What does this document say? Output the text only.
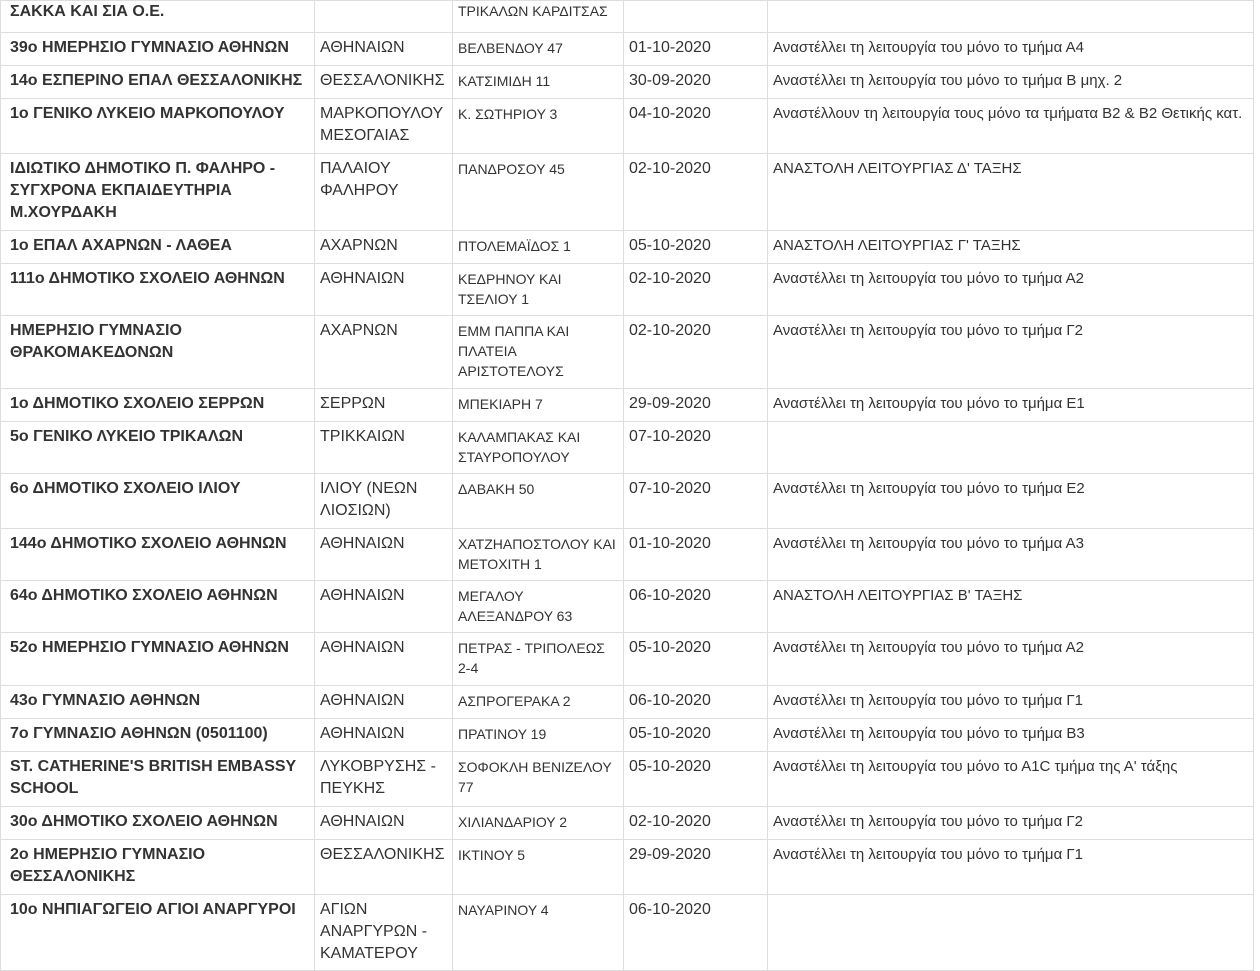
ΣΑΚΚΑ ΚΑΙ ΣΙΑ Ο.Ε.		ΤΡΙΚΑΛΩΝ ΚΑΡΔΙΤΣΑΣ		
39ο ΗΜΕΡΗΣΙΟ ΓΥΜΝΑΣΙΟ ΑΘΗΝΩΝ	ΑΘΗΝΑΙΩΝ	ΒΕΛΒΕΝΔΟΥ 47	01-10-2020	Αναστέλλει τη λειτουργία του μόνο το τμήμα Α4
14ο ΕΣΠΕΡΙΝΟ ΕΠΑΛ ΘΕΣΣΑΛΟΝΙΚΗΣ	ΘΕΣΣΑΛΟΝΙΚΗΣ	ΚΑΤΣΙΜΙΔΗ 11	30-09-2020	Αναστέλλει τη λειτουργία του μόνο το τμήμα Β μηχ. 2
1ο ΓΕΝΙΚΟ ΛΥΚΕΙΟ ΜΑΡΚΟΠΟΥΛΟΥ	ΜΑΡΚΟΠΟΥΛΟΥ ΜΕΣΟΓΑΙΑΣ	Κ. ΣΩΤΗΡΙΟΥ 3	04-10-2020	Αναστέλλουν τη λειτουργία τους μόνο τα τμήματα Β2 & Β2 Θετικής κατ.
ΙΔΙΩΤΙΚΟ ΔΗΜΟΤΙΚΟ Π. ΦΑΛΗΡΟ - ΣΥΓΧΡΟΝΑ ΕΚΠΑΙΔΕΥΤΗΡΙΑ Μ.ΧΟΥΡΔΑΚΗ	ΠΑΛΑΙΟΥ ΦΑΛΗΡΟΥ	ΠΑΝΔΡΟΣΟΥ 45	02-10-2020	ΑΝΑΣΤΟΛΗ ΛΕΙΤΟΥΡΓΙΑΣ Δ' ΤΑΞΗΣ
1ο ΕΠΑΛ ΑΧΑΡΝΩΝ - ΛΑΘΕΑ	ΑΧΑΡΝΩΝ	ΠΤΟΛΕΜΑΪΔΟΣ 1	05-10-2020	ΑΝΑΣΤΟΛΗ ΛΕΙΤΟΥΡΓΙΑΣ Γ' ΤΑΞΗΣ
111ο ΔΗΜΟΤΙΚΟ ΣΧΟΛΕΙΟ ΑΘΗΝΩΝ	ΑΘΗΝΑΙΩΝ	ΚΕΔΡΗΝΟΥ ΚΑΙ ΤΣΕΛΙΟΥ 1	02-10-2020	Αναστέλλει τη λειτουργία του μόνο το τμήμα Α2
ΗΜΕΡΗΣΙΟ ΓΥΜΝΑΣΙΟ ΘΡΑΚΟΜΑΚΕΔΟΝΩΝ	ΑΧΑΡΝΩΝ	ΕΜΜ ΠΑΠΠΑ ΚΑΙ ΠΛΑΤΕΙΑ ΑΡΙΣΤΟΤΕΛΟΥΣ	02-10-2020	Αναστέλλει τη λειτουργία του μόνο το τμήμα Γ2
1ο ΔΗΜΟΤΙΚΟ ΣΧΟΛΕΙΟ ΣΕΡΡΩΝ	ΣΕΡΡΩΝ	ΜΠΕΚΙΑΡΗ 7	29-09-2020	Αναστέλλει τη λειτουργία του μόνο το τμήμα Ε1
5ο ΓΕΝΙΚΟ ΛΥΚΕΙΟ ΤΡΙΚΑΛΩΝ	ΤΡΙΚΚΑΙΩΝ	ΚΑΛΑΜΠΑΚΑΣ ΚΑΙ ΣΤΑΥΡΟΠΟΥΛΟΥ	07-10-2020	
6ο ΔΗΜΟΤΙΚΟ ΣΧΟΛΕΙΟ ΙΛΙΟΥ	ΙΛΙΟΥ (ΝΕΩΝ ΛΙΟΣΙΩΝ)	ΔΑΒΑΚΗ 50	07-10-2020	Αναστέλλει τη λειτουργία του μόνο το τμήμα Ε2
144ο ΔΗΜΟΤΙΚΟ ΣΧΟΛΕΙΟ ΑΘΗΝΩΝ	ΑΘΗΝΑΙΩΝ	ΧΑΤΖΗΑΠΟΣΤΟΛΟΥ ΚΑΙ ΜΕΤΟΧΙΤΗ 1	01-10-2020	Αναστέλλει τη λειτουργία του μόνο το τμήμα Α3
64ο ΔΗΜΟΤΙΚΟ ΣΧΟΛΕΙΟ ΑΘΗΝΩΝ	ΑΘΗΝΑΙΩΝ	ΜΕΓΑΛΟΥ ΑΛΕΞΑΝΔΡΟΥ 63	06-10-2020	ΑΝΑΣΤΟΛΗ ΛΕΙΤΟΥΡΓΙΑΣ Β' ΤΑΞΗΣ
52ο ΗΜΕΡΗΣΙΟ ΓΥΜΝΑΣΙΟ ΑΘΗΝΩΝ	ΑΘΗΝΑΙΩΝ	ΠΕΤΡΑΣ - ΤΡΙΠΟΛΕΩΣ 2-4	05-10-2020	Αναστέλλει τη λειτουργία του μόνο το τμήμα Α2
43ο ΓΥΜΝΑΣΙΟ ΑΘΗΝΩΝ	ΑΘΗΝΑΙΩΝ	ΑΣΠΡΟΓΕΡΑΚΑ 2	06-10-2020	Αναστέλλει τη λειτουργία του μόνο το τμήμα Γ1
7ο ΓΥΜΝΑΣΙΟ ΑΘΗΝΩΝ (0501100)	ΑΘΗΝΑΙΩΝ	ΠΡΑΤΙΝΟΥ 19	05-10-2020	Αναστέλλει τη λειτουργία του μόνο το τμήμα Β3
ST. CATHERINE'S BRITISH EMBASSY SCHOOL	ΛΥΚΟΒΡΥΣΗΣ - ΠΕΥΚΗΣ	ΣΟΦΟΚΛΗ ΒΕΝΙΖΕΛΟΥ 77	05-10-2020	Αναστέλλει τη λειτουργία του μόνο το Α1C τμήμα της Α' τάξης
30ο ΔΗΜΟΤΙΚΟ ΣΧΟΛΕΙΟ ΑΘΗΝΩΝ	ΑΘΗΝΑΙΩΝ	ΧΙΛΙΑΝΔΑΡΙΟΥ 2	02-10-2020	Αναστέλλει τη λειτουργία του μόνο το τμήμα Γ2
2ο ΗΜΕΡΗΣΙΟ ΓΥΜΝΑΣΙΟ ΘΕΣΣΑΛΟΝΙΚΗΣ	ΘΕΣΣΑΛΟΝΙΚΗΣ	ΙΚΤΙΝΟΥ 5	29-09-2020	Αναστέλλει τη λειτουργία του μόνο το τμήμα Γ1
10ο ΝΗΠΙΑΓΩΓΕΙΟ ΑΓΙΟΙ ΑΝΑΡΓΥΡΟΙ	ΑΓΙΩΝ ΑΝΑΡΓΥΡΩΝ - ΚΑΜΑΤΕΡΟΥ	ΝΑΥΑΡΙΝΟΥ 4	06-10-2020	
